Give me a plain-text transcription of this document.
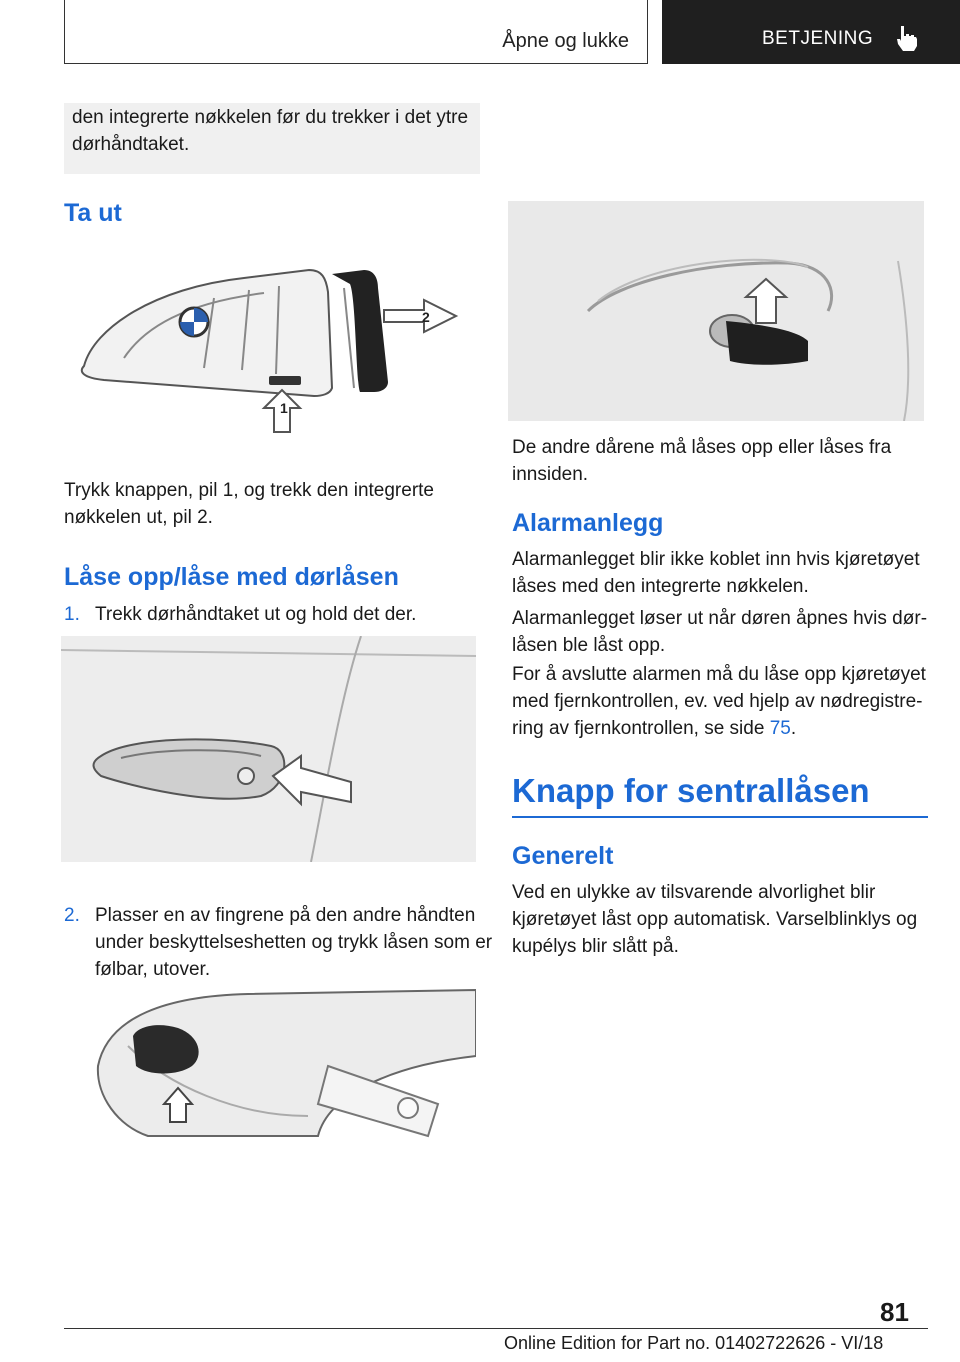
Åpne og lukke	BETJENING

den integrerte nøkkelen før du trekker i det ytre dørhåndtaket.

Ta ut
2
1
Trykk knappen, pil 1, og trekk den integrerte nøkkelen ut, pil 2.
Låse opp/låse med dørlåsen
1. Trekk dørhåndtaket ut og hold det der.
2. Plasser en av fingrene på den andre håndten under beskyttelseshetten og trykk låsen som er følbar, utover.
De andre dårene må låses opp eller låses fra innsiden.
Alarmanlegg
Alarmanlegget blir ikke koblet inn hvis kjøretøyet låses med den integrerte nøkkelen.
Alarmanlegget løser ut når døren åpnes hvis dørlåsen ble låst opp.
For å avslutte alarmen må du låse opp kjøretøyet med fjernkontrollen, ev. ved hjelp av nødregistrering av fjernkontrollen, se side 75.
Knapp for sentrallåsen
Generelt
Ved en ulykke av tilsvarende alvorlighet blir kjøretøyet låst opp automatisk. Varselblinklys og kupélys blir slått på.
81
Online Edition for Part no. 01402722626 - VI/18
